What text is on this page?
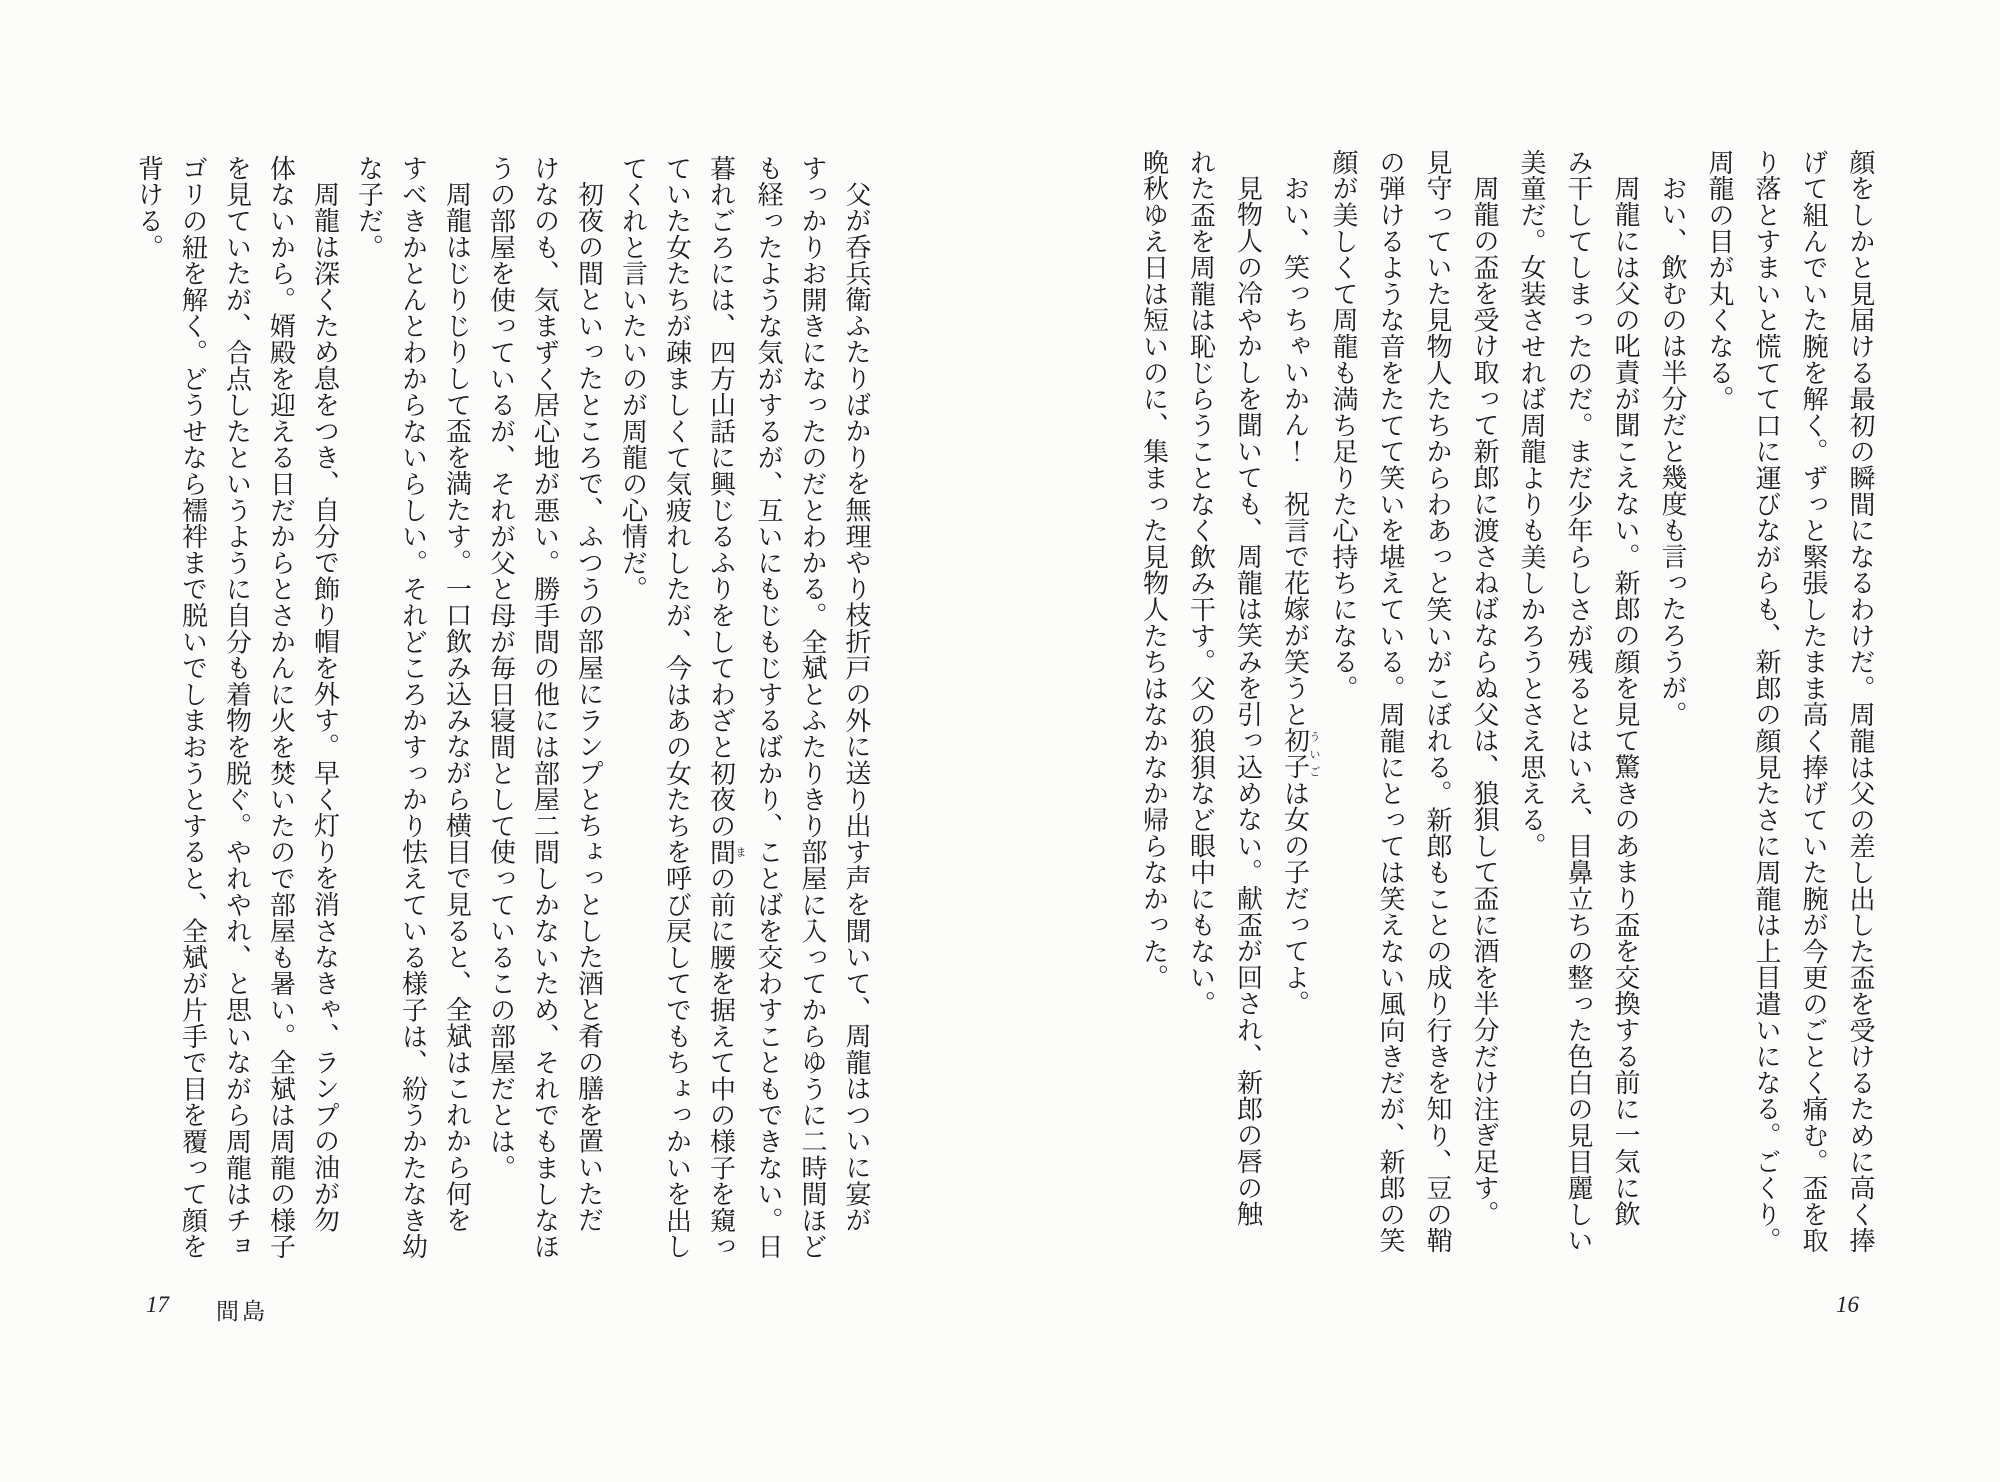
父が呑兵衛ふたりばかりを無理やり枝折戸の外に送り出す声を聞いて、周龍はついに宴が
すっかりお開きになったのだとわかる。全斌とふたりきり部屋に入ってからゆうに二時間ほど
も経ったような気がするが、互いにもじもじするばかり、ことばを交わすこともできない。日
暮れごろには、四方山話に興じるふりをしてわざと初夜の間まの前に腰を据えて中の様子を窺っ
ていた女たちが疎ましくて気疲れしたが、今はあの女たちを呼び戻してでもちょっかいを出し
てくれと言いたいのが周龍の心情だ。
初夜の間といったところで、ふつうの部屋にランプとちょっとした酒と肴の膳を置いただ
けなのも、気まずく居心地が悪い。勝手間の他には部屋二間しかないため、それでもましなほ
うの部屋を使っているが、それが父と母が毎日寝間として使っているこの部屋だとは。
周龍はじりじりして盃を満たす。一口飲み込みながら横目で見ると、全斌はこれから何を
すべきかとんとわからないらしい。それどころかすっかり怯えている様子は、紛うかたなき幼
な子だ。
周龍は深くため息をつき、自分で飾り帽を外す。早く灯りを消さなきゃ、ランプの油が勿
体ないから。婿殿を迎える日だからとさかんに火を焚いたので部屋も暑い。全斌は周龍の様子
を見ていたが、合点したというように自分も着物を脱ぐ。やれやれ、と思いながら周龍はチョ
ゴリの紐を解く。どうせなら襦袢まで脱いでしまおうとすると、全斌が片手で目を覆って顔を
背ける。
17 間島
顔をしかと見届ける最初の瞬間になるわけだ。周龍は父の差し出した盃を受けるために高く捧
げて組んでいた腕を解く。ずっと緊張したまま高く捧げていた腕が今更のごとく痛む。盃を取
り落とすまいと慌てて口に運びながらも、新郎の顔見たさに周龍は上目遣いになる。ごくり。
周龍の目が丸くなる。
おい、飲むのは半分だと幾度も言ったろうが。
周龍には父の叱責が聞こえない。新郎の顔を見て驚きのあまり盃を交換する前に一気に飲
み干してしまったのだ。まだ少年らしさが残るとはいえ、目鼻立ちの整った色白の見目麗しい
美童だ。女装させれば周龍よりも美しかろうとさえ思える。
周龍の盃を受け取って新郎に渡さねばならぬ父は、狼狽して盃に酒を半分だけ注ぎ足す。
見守っていた見物人たちからわあっと笑いがこぼれる。新郎もことの成り行きを知り、豆の鞘
の弾けるような音をたてて笑いを堪えている。周龍にとっては笑えない風向きだが、新郎の笑
顔が美しくて周龍も満ち足りた心持ちになる。
おい、笑っちゃいかん！　祝言で花嫁が笑うと初子ういごは女の子だってよ。
見物人の冷やかしを聞いても、周龍は笑みを引っ込めない。献盃が回され、新郎の唇の触
れた盃を周龍は恥じらうことなく飲み干す。父の狼狽など眼中にもない。
晩秋ゆえ日は短いのに、集まった見物人たちはなかなか帰らなかった。
16
